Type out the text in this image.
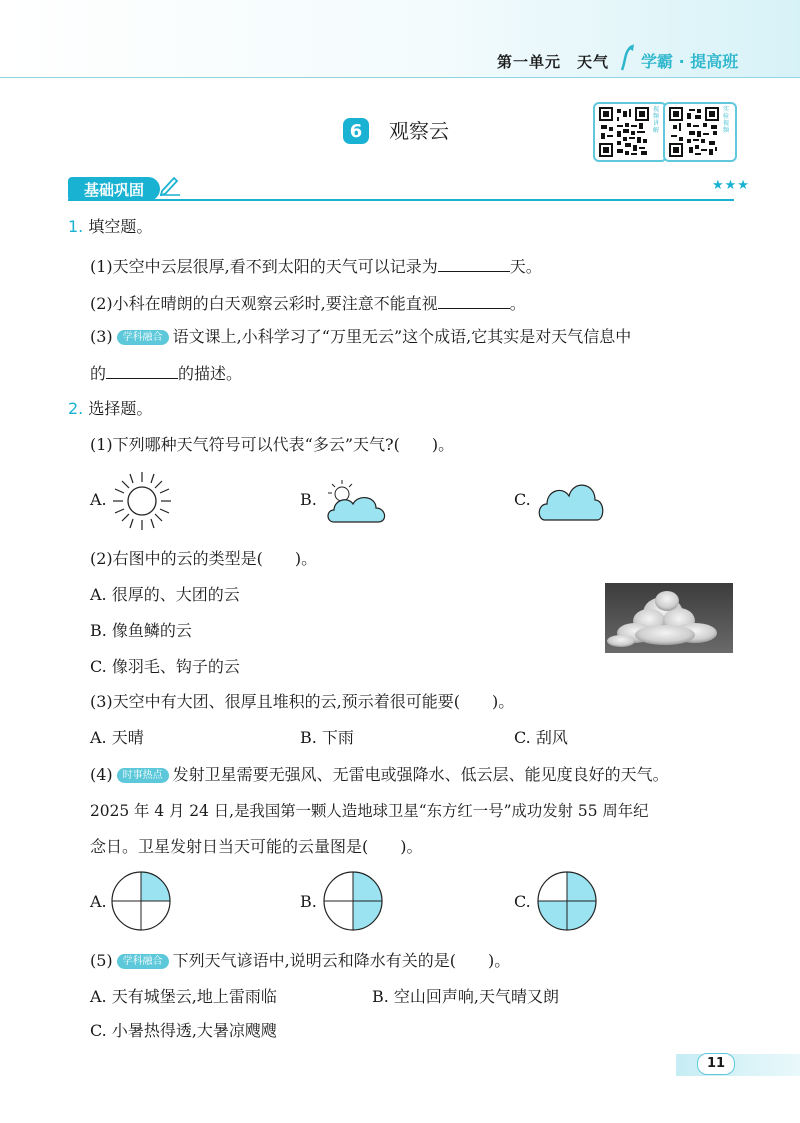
第一单元　天气 学霸 · 提高班
6	观察云
视频讲解
实验视频
基础巩固	★★★
1. 填空题。
(1)天空中云层很厚,看不到太阳的天气可以记录为	天。
(2)小科在晴朗的白天观察云彩时,要注意不能直视	。
(3) 学科融合 语文课上,小科学习了“万里无云”这个成语,它其实是对天气信息中
的	的描述。
2. 选择题。
(1)下列哪种天气符号可以代表“多云”天气?( )。
A.	B.	C.
(2)右图中的云的类型是( )。
A. 很厚的、大团的云
B. 像鱼鳞的云
C. 像羽毛、钩子的云
(3)天空中有大团、很厚且堆积的云,预示着很可能要( )。
A. 天晴	B. 下雨	C. 刮风
(4) 时事热点 发射卫星需要无强风、无雷电或强降水、低云层、能见度良好的天气。
2025 年 4 月 24 日,是我国第一颗人造地球卫星“东方红一号”成功发射 55 周年纪
念日。卫星发射日当天可能的云量图是( )。
A.	B.	C.
(5) 学科融合 下列天气谚语中,说明云和降水有关的是( )。
A. 天有城堡云,地上雷雨临	B. 空山回声响,天气晴又朗
C. 小暑热得透,大暑凉飕飕
11
